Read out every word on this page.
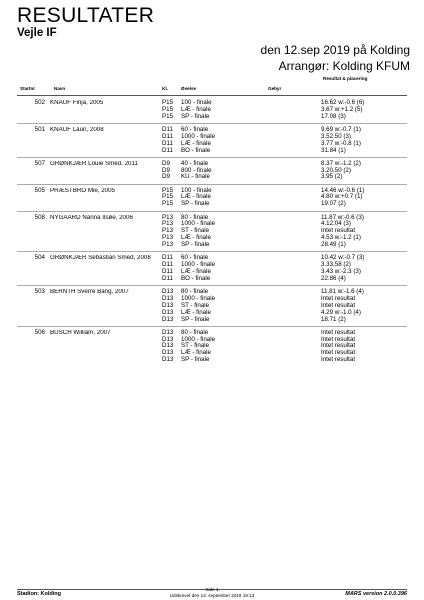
RESULTATER
Vejle IF
den 12.sep 2019 på Kolding
Arrangør: Kolding KFUM
Startnr	Navn	Kl.	Øvelse	Gebyr
Resultat & placering
502 KNAUF Finja, 2005	P15 100 - finale	16.62 w:-0.6 (6)
P15 LÆ - finale	3.67 w:+1.2 (5)
P15 SP - finale	17.08 (3)
501 KNAUF Lauri, 2008	D11 60 - finale	9.69 w:-0.7 (1)
D11 1000 - finale	3.52.50 (3)
D11 LÆ - finale	3.77 w:-0.8 (1)
D11 BO - finale	31.84 (1)
507 GRØNKJÆR Louie Smed, 2011	D9 40 - finale	8.37 w:-1.2 (2)
D9 800 - finale	3.20.50 (2)
D9 KU - finale	3.95 (2)
505 PRÆSTBRO Mie, 2005	P15 100 - finale	14.46 w:-0.6 (1)
P15 LÆ - finale	4.80 w:+0.7 (1)
P15 SP - finale	19.07 (2)
508 NYGAARD Nanna Ilsøe, 2006	P13 80 - finale	11.87 w:-0.6 (3)
P13 1000 - finale	4.12.04 (3)
P13 ST - finale	Intet resultat
P13 LÆ - finale	4.53 w:-1.2 (1)
P13 SP - finale	28.49 (1)
504 GRØNKJÆR Sebastian Smed, 2008	D11 60 - finale	10.42 w:-0.7 (3)
D11 1000 - finale	3.33.58 (2)
D11 LÆ - finale	3.43 w:-2.3 (3)
D11 BO - finale	22.86 (4)
503 BERNTH Sverre Bang, 2007	D13 80 - finale	11.81 w:-1.6 (4)
D13 1000 - finale	Intet resultat
D13 ST - finale	Intet resultat
D13 LÆ - finale	4.29 w:-1.0 (4)
D13 SP - finale	18.71 (2)
506 BUSCH William, 2007	D13 80 - finale	Intet resultat
D13 1000 - finale	Intet resultat
D13 ST - finale	Intet resultat
D13 LÆ - finale	Intet resultat
D13 SP - finale	Intet resultat
Stadion: Kolding
Side 1
Udskrevet den 13. september 2019 19:13	MARS version 2.0.0.396
